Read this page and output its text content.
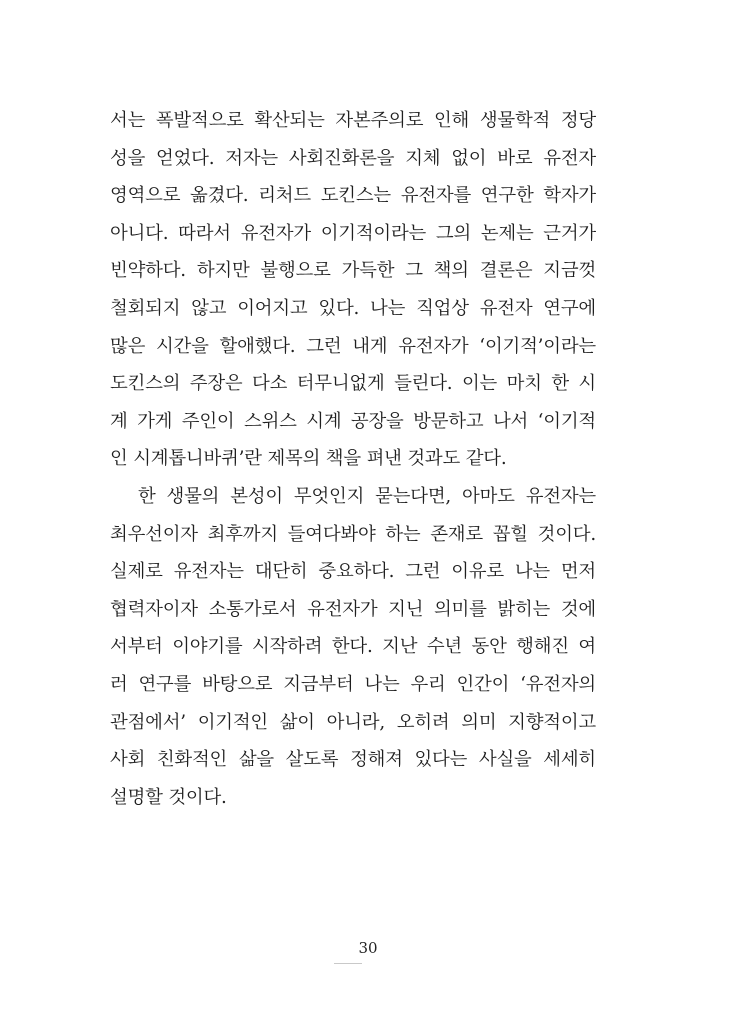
서는 폭발적으로 확산되는 자본주의로 인해 생물학적 정당
성을 얻었다. 저자는 사회진화론을 지체 없이 바로 유전자
영역으로 옮겼다. 리처드 도킨스는 유전자를 연구한 학자가
아니다. 따라서 유전자가 이기적이라는 그의 논제는 근거가
빈약하다. 하지만 불행으로 가득한 그 책의 결론은 지금껏
철회되지 않고 이어지고 있다. 나는 직업상 유전자 연구에
많은 시간을 할애했다. 그런 내게 유전자가 ‘이기적’이라는
도킨스의 주장은 다소 터무니없게 들린다. 이는 마치 한 시
계 가게 주인이 스위스 시계 공장을 방문하고 나서 ‘이기적
인 시계톱니바퀴’란 제목의 책을 펴낸 것과도 같다.
한 생물의 본성이 무엇인지 묻는다면, 아마도 유전자는
최우선이자 최후까지 들여다봐야 하는 존재로 꼽힐 것이다.
실제로 유전자는 대단히 중요하다. 그런 이유로 나는 먼저
협력자이자 소통가로서 유전자가 지닌 의미를 밝히는 것에
서부터 이야기를 시작하려 한다. 지난 수년 동안 행해진 여
러 연구를 바탕으로 지금부터 나는 우리 인간이 ‘유전자의
관점에서’ 이기적인 삶이 아니라, 오히려 의미 지향적이고
사회 친화적인 삶을 살도록 정해져 있다는 사실을 세세히
설명할 것이다.
30
